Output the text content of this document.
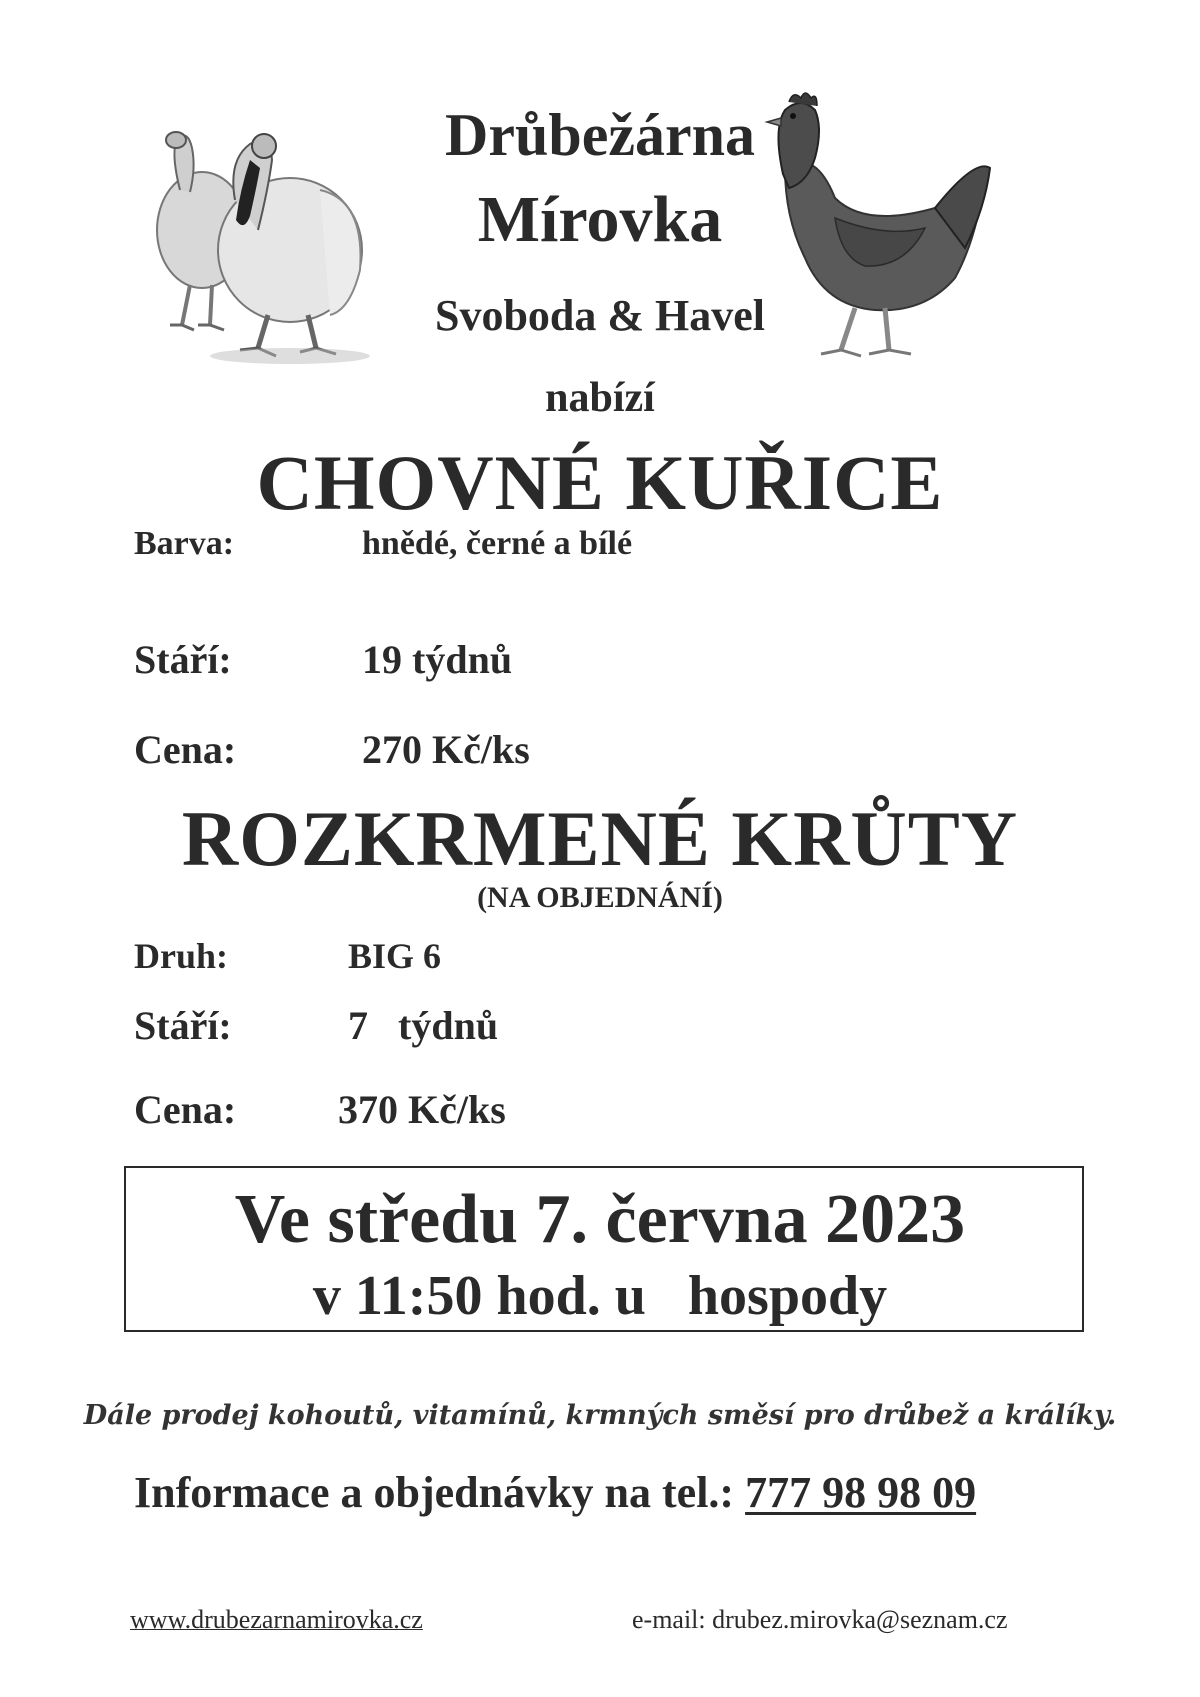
Drůbežárna
Mírovka
Svoboda & Havel
nabízí
CHOVNÉ KUŘICE
Barva:	hnědé, černé a bílé
Stáří:	19 týdnů
Cena:	270 Kč/ks
ROZKRMENÉ KRŮTY
(NA OBJEDNÁNÍ)
Druh:	BIG 6
Stáří:	7   týdnů
Cena:	370 Kč/ks
Ve středu 7. června 2023
v 11:50 hod. u   hospody
Dále prodej kohoutů, vitamínů, krmných směsí pro drůbež a králíky.
Informace a objednávky na tel.: 777 98 98 09
www.drubezarnamirovka.cz	e-mail: drubez.mirovka@seznam.cz
